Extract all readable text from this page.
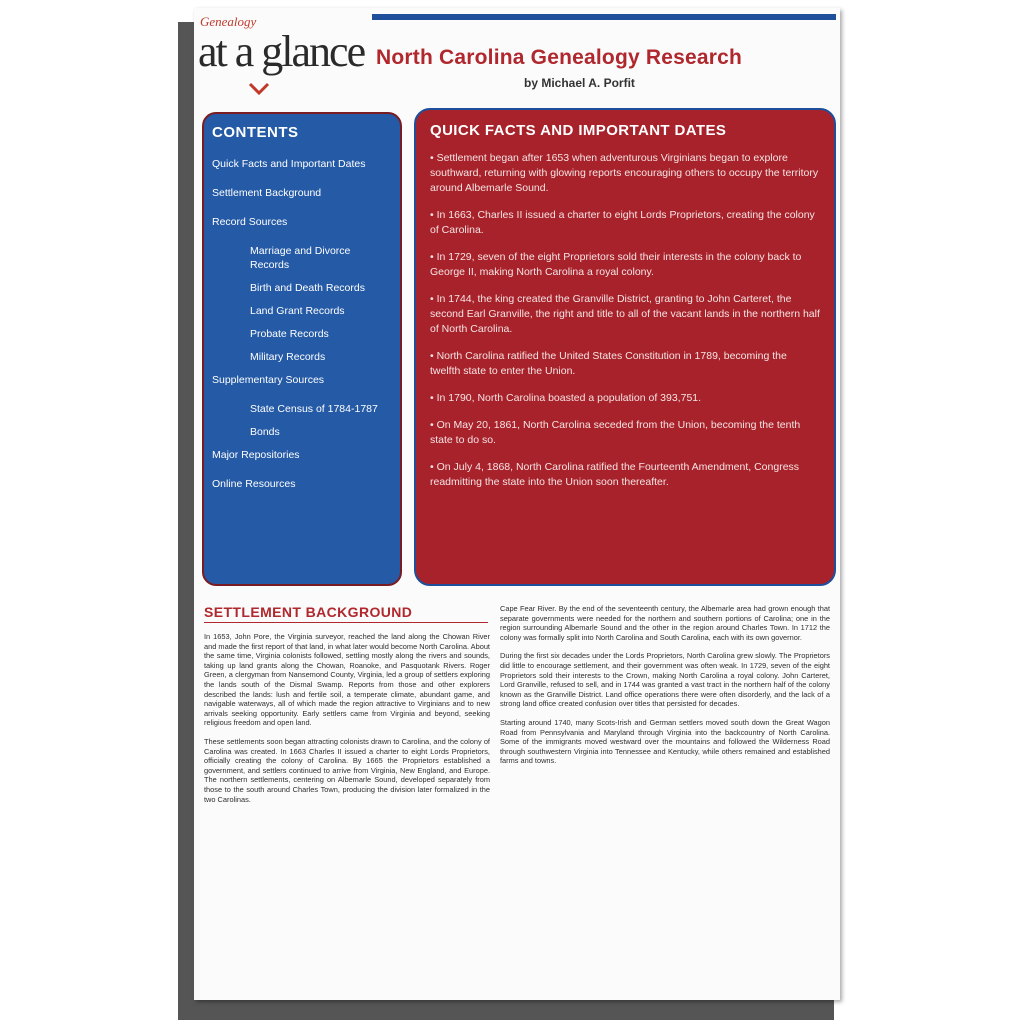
Genealogy
at a glance North Carolina Genealogy Research
by Michael A. Porfit
CONTENTS
Quick Facts and Important Dates
Settlement Background
Record Sources
Marriage and Divorce Records
Birth and Death Records
Land Grant Records
Probate Records
Military Records
Supplementary Sources
State Census of 1784-1787
Bonds
Major Repositories
Online Resources
QUICK FACTS AND IMPORTANT DATES
• Settlement began after 1653 when adventurous Virginians began to explore southward, returning with glowing reports encouraging others to occupy the territory around Albemarle Sound.
• In 1663, Charles II issued a charter to eight Lords Proprietors, creating the colony of Carolina.
• In 1729, seven of the eight Proprietors sold their interests in the colony back to George II, making North Carolina a royal colony.
• In 1744, the king created the Granville District, granting to John Carteret, the second Earl Granville, the right and title to all of the vacant lands in the northern half of North Carolina.
• North Carolina ratified the United States Constitution in 1789, becoming the twelfth state to enter the Union.
• In 1790, North Carolina boasted a population of 393,751.
• On May 20, 1861, North Carolina seceded from the Union, becoming the tenth state to do so.
• On July 4, 1868, North Carolina ratified the Fourteenth Amendment, Congress readmitting the state into the Union soon thereafter.
SETTLEMENT BACKGROUND

In 1653, John Pore, the Virginia surveyor, reached the land along the Chowan River and made the first report of that land, in what later would become North Carolina. About the same time, Virginia colonists followed, settling mostly along the rivers and sounds, taking up land grants along the Chowan, Roanoke, and Pasquotank Rivers. Roger Green, a clergyman from Nansemond County, Virginia, led a group of settlers exploring the lands south of the Dismal Swamp. Reports from those and other explorers described the lands: lush and fertile soil, a temperate climate, abundant game, and navigable waterways, all of which made the region attractive to Virginians and to new arrivals seeking opportunity. Early settlers came from Virginia and beyond, seeking religious freedom and open land.

These settlements soon began attracting colonists drawn to Carolina, and the colony of Carolina was created. In 1663 Charles II issued a charter to eight Lords Proprietors, officially creating the colony of Carolina. By 1665 the Proprietors established a government, and settlers continued to arrive from Virginia, New England, and Europe. The northern settlements, centering on Albemarle Sound, developed separately from those to the south around Charles Town, producing the division later formalized in the two Carolinas.

Cape Fear River. By the end of the seventeenth century, the Albemarle area had grown enough that separate governments were needed for the northern and southern portions of Carolina; one in the region surrounding Albemarle Sound and the other in the region around Charles Town. In 1712 the colony was formally split into North Carolina and South Carolina, each with its own governor.

During the first six decades under the Lords Proprietors, North Carolina grew slowly. The Proprietors did little to encourage settlement, and their government was often weak. In 1729, seven of the eight Proprietors sold their interests to the Crown, making North Carolina a royal colony. John Carteret, Lord Granville, refused to sell, and in 1744 was granted a vast tract in the northern half of the colony known as the Granville District. Land office operations there were often disorderly, and the lack of a strong land office created confusion over titles that persisted for decades.

Starting around 1740, many Scots-Irish and German settlers moved south down the Great Wagon Road from Pennsylvania and Maryland through Virginia into the backcountry of North Carolina. Some of the immigrants moved westward over the mountains and followed the Wilderness Road through southwestern Virginia into Tennessee and Kentucky, while others remained and established farms and towns.
